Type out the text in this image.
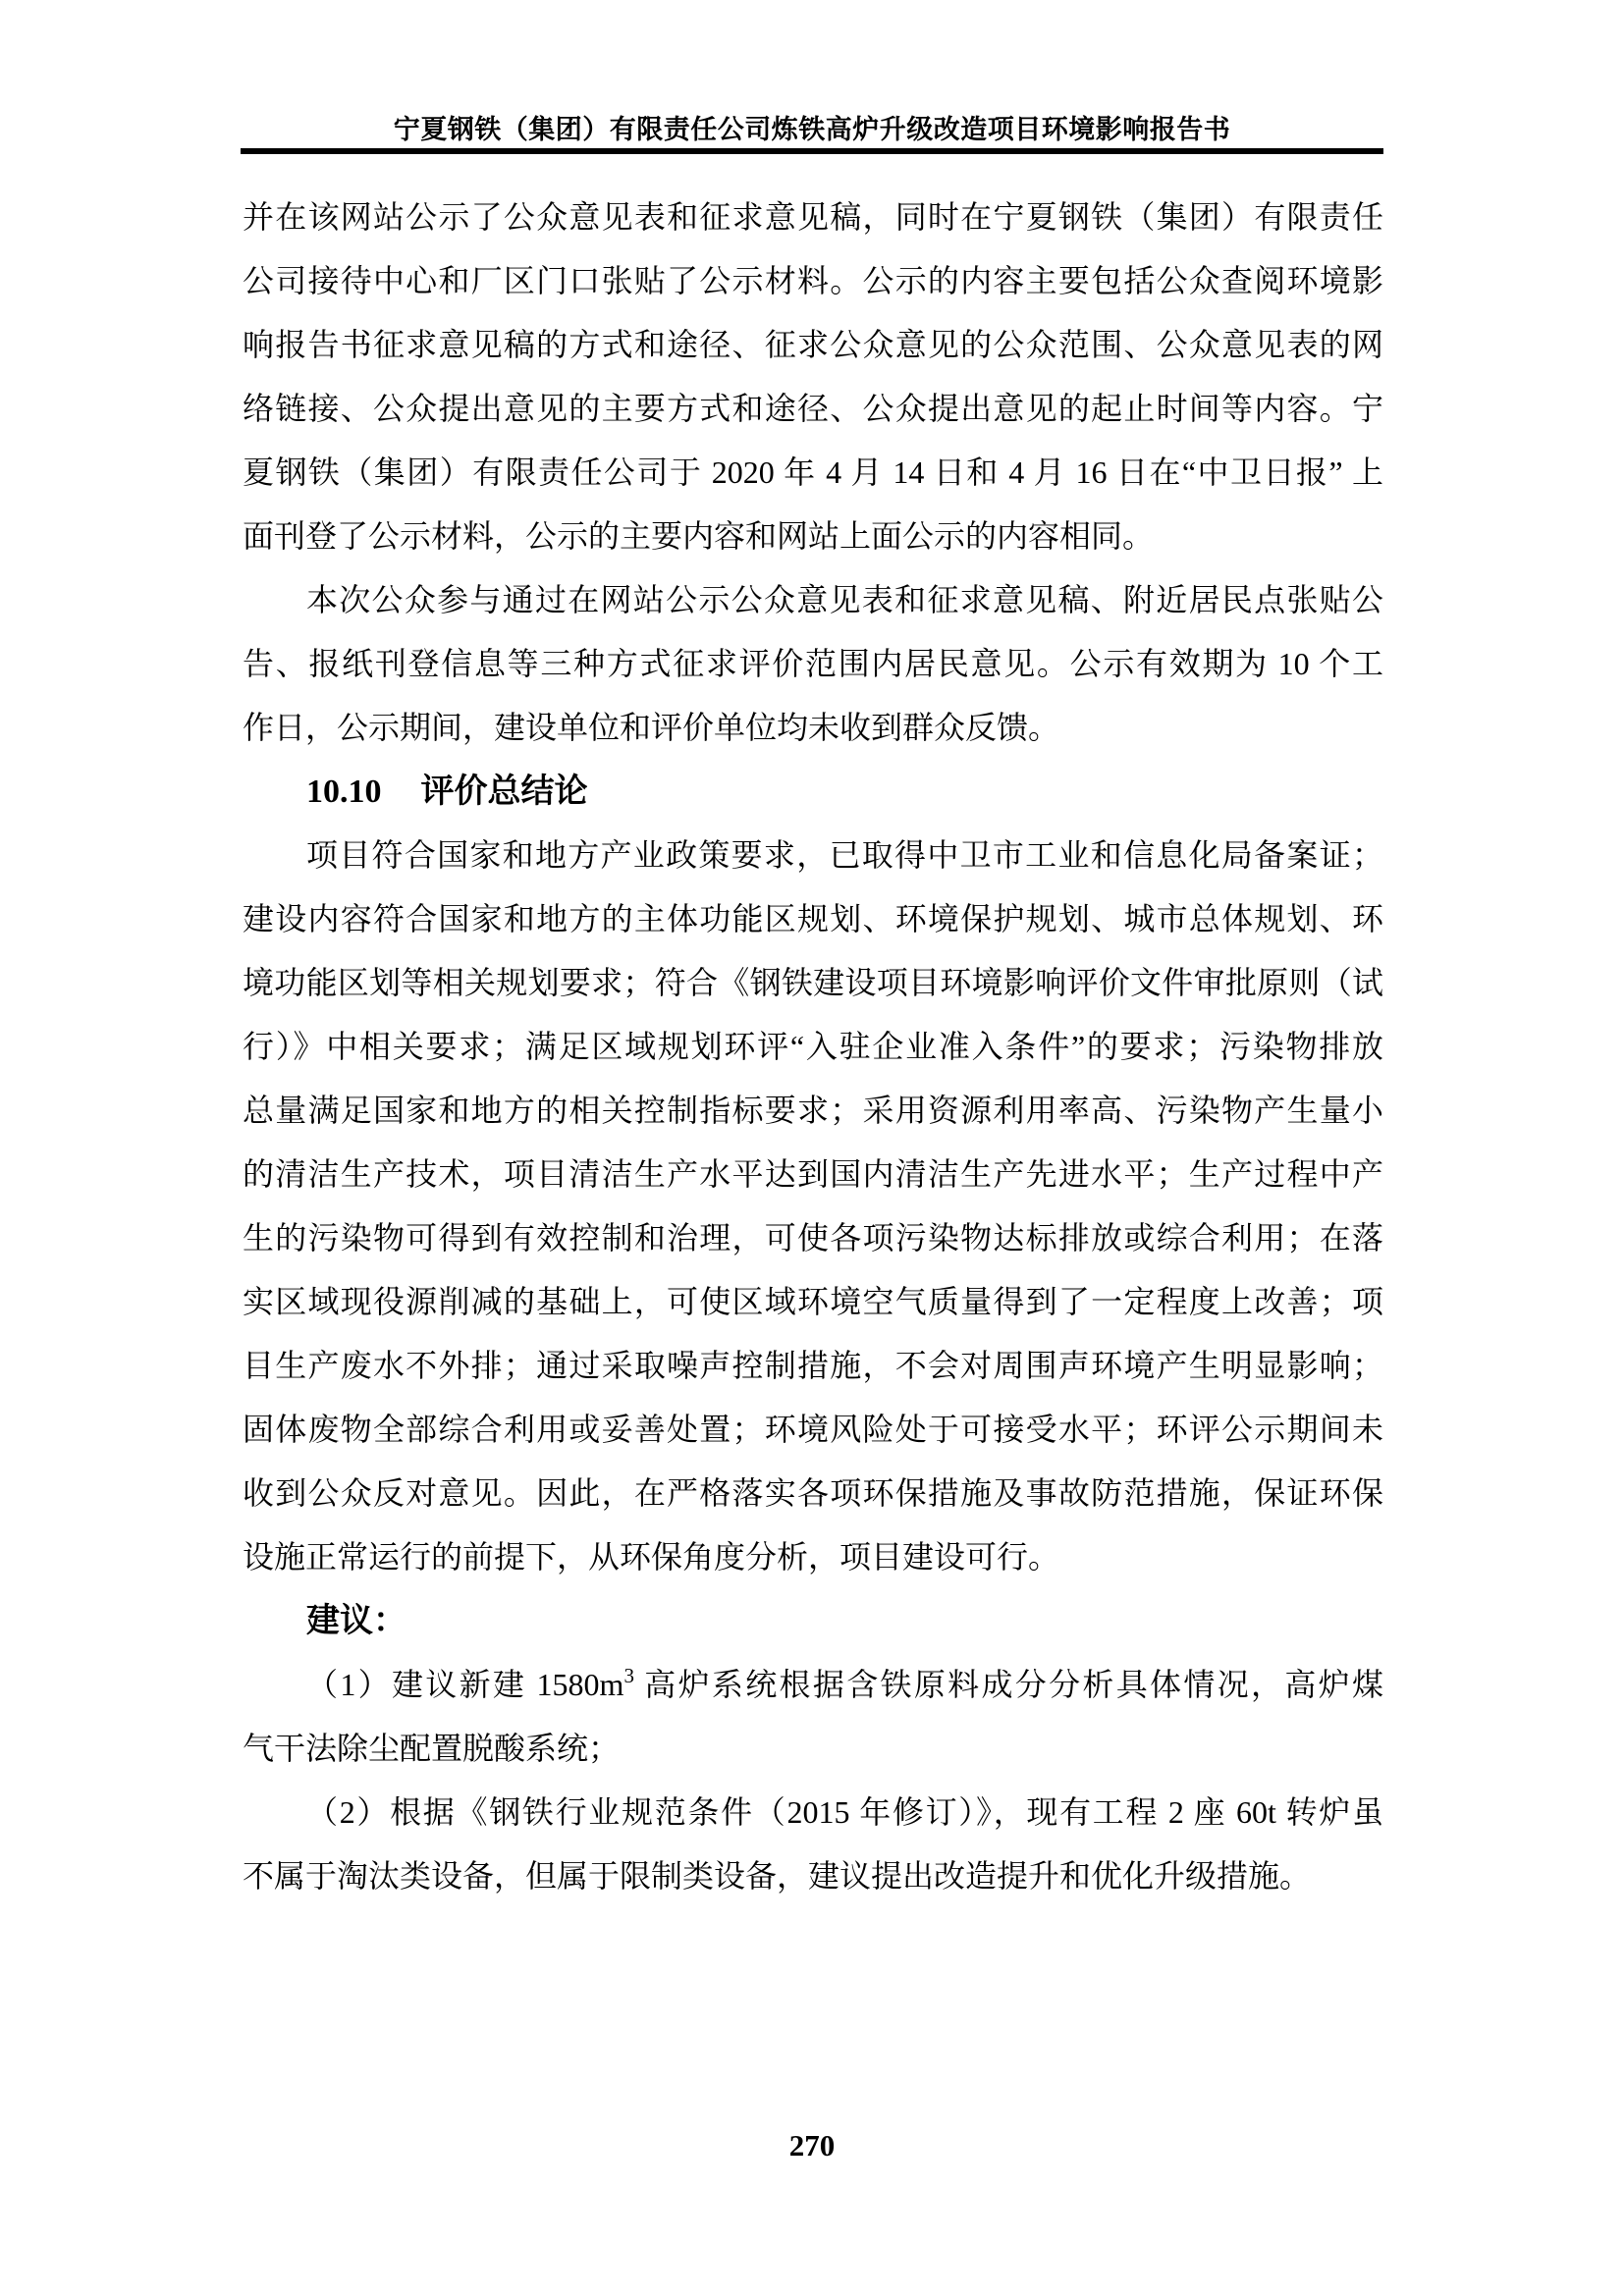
宁夏钢铁（集团）有限责任公司炼铁高炉升级改造项目环境影响报告书
并在该网站公示了公众意见表和征求意见稿，同时在宁夏钢铁（集团）有限责任
公司接待中心和厂区门口张贴了公示材料。公示的内容主要包括公众查阅环境影
响报告书征求意见稿的方式和途径、征求公众意见的公众范围、公众意见表的网
络链接、公众提出意见的主要方式和途径、公众提出意见的起止时间等内容。宁
夏钢铁（集团）有限责任公司于 2020 年 4 月 14 日和 4 月 16 日在“中卫日报” 上
面刊登了公示材料，公示的主要内容和网站上面公示的内容相同。
本次公众参与通过在网站公示公众意见表和征求意见稿、附近居民点张贴公
告、报纸刊登信息等三种方式征求评价范围内居民意见。公示有效期为 10 个工
作日，公示期间，建设单位和评价单位均未收到群众反馈。
10.10 评价总结论
项目符合国家和地方产业政策要求，已取得中卫市工业和信息化局备案证；
建设内容符合国家和地方的主体功能区规划、环境保护规划、城市总体规划、环
境功能区划等相关规划要求；符合《钢铁建设项目环境影响评价文件审批原则（试
行）》中相关要求；满足区域规划环评“入驻企业准入条件”的要求；污染物排放
总量满足国家和地方的相关控制指标要求；采用资源利用率高、污染物产生量小
的清洁生产技术，项目清洁生产水平达到国内清洁生产先进水平；生产过程中产
生的污染物可得到有效控制和治理，可使各项污染物达标排放或综合利用；在落
实区域现役源削减的基础上，可使区域环境空气质量得到了一定程度上改善；项
目生产废水不外排；通过采取噪声控制措施，不会对周围声环境产生明显影响；
固体废物全部综合利用或妥善处置；环境风险处于可接受水平；环评公示期间未
收到公众反对意见。因此，在严格落实各项环保措施及事故防范措施，保证环保
设施正常运行的前提下，从环保角度分析，项目建设可行。
建议：
（1）建议新建 $1580m^3$ 高炉系统根据含铁原料成分分析具体情况，高炉煤
气干法除尘配置脱酸系统；
（2）根据《钢铁行业规范条件（2015 年修订）》，现有工程 2 座 60t 转炉虽
不属于淘汰类设备，但属于限制类设备，建议提出改造提升和优化升级措施。
270
